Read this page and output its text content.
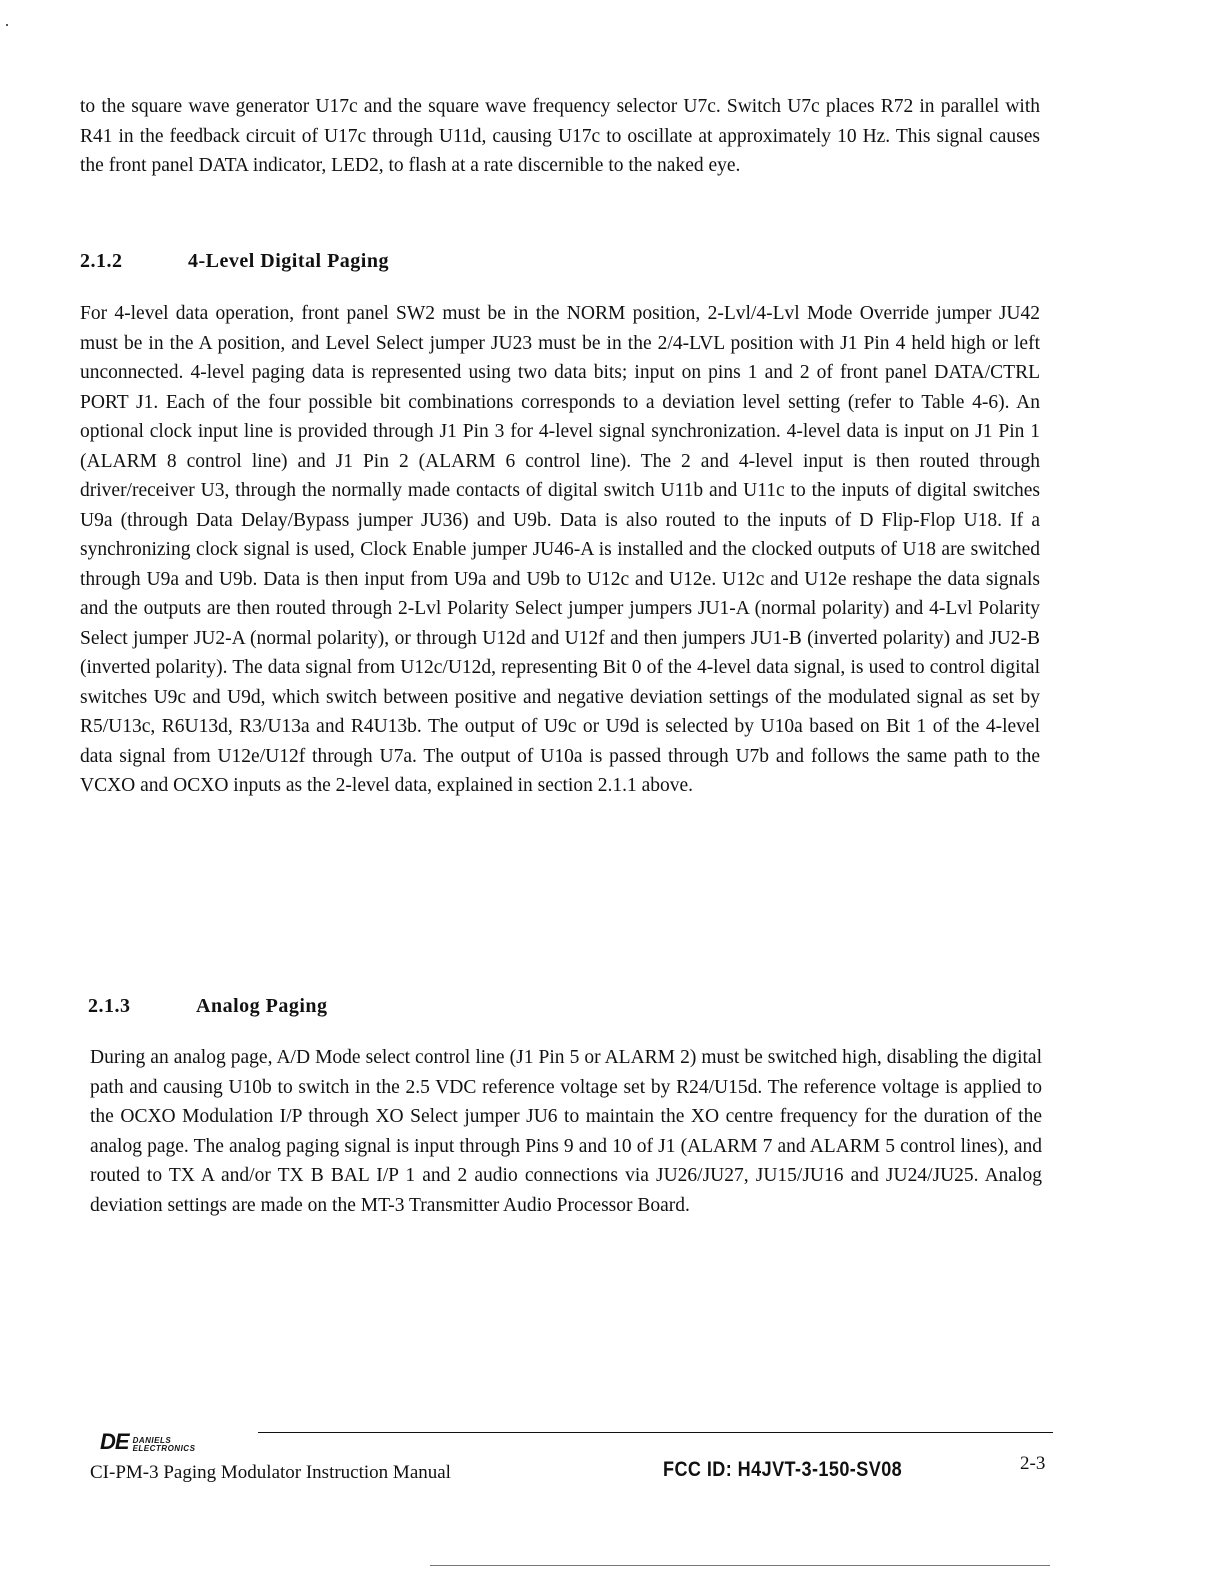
to the square wave generator U17c and the square wave frequency selector U7c. Switch U7c places R72 in parallel with R41 in the feedback circuit of U17c through U11d, causing U17c to oscillate at approximately 10 Hz. This signal causes the front panel DATA indicator, LED2, to flash at a rate discernible to the naked eye.

2.1.2	4-Level Digital Paging

For 4-level data operation, front panel SW2 must be in the NORM position, 2-Lvl/4-Lvl Mode Override jumper JU42 must be in the A position, and Level Select jumper JU23 must be in the 2/4-LVL position with J1 Pin 4 held high or left unconnected. 4-level paging data is represented using two data bits; input on pins 1 and 2 of front panel DATA/CTRL PORT J1. Each of the four possible bit combinations corresponds to a deviation level setting (refer to Table 4-6). An optional clock input line is provided through J1 Pin 3 for 4-level signal synchronization. 4-level data is input on J1 Pin 1 (ALARM 8 control line) and J1 Pin 2 (ALARM 6 control line). The 2 and 4-level input is then routed through driver/receiver U3, through the normally made contacts of digital switch U11b and U11c to the inputs of digital switches U9a (through Data Delay/Bypass jumper JU36) and U9b. Data is also routed to the inputs of D Flip-Flop U18. If a synchronizing clock signal is used, Clock Enable jumper JU46-A is installed and the clocked outputs of U18 are switched through U9a and U9b. Data is then input from U9a and U9b to U12c and U12e. U12c and U12e reshape the data signals and the outputs are then routed through 2-Lvl Polarity Select jumper jumpers JU1-A (normal polarity) and 4-Lvl Polarity Select jumper JU2-A (normal polarity), or through U12d and U12f and then jumpers JU1-B (inverted polarity) and JU2-B (inverted polarity). The data signal from U12c/U12d, representing Bit 0 of the 4-level data signal, is used to control digital switches U9c and U9d, which switch between positive and negative deviation settings of the modulated signal as set by R5/U13c, R6U13d, R3/U13a and R4U13b. The output of U9c or U9d is selected by U10a based on Bit 1 of the 4-level data signal from U12e/U12f through U7a. The output of U10a is passed through U7b and follows the same path to the VCXO and OCXO inputs as the 2-level data, explained in section 2.1.1 above.

2.1.3	Analog Paging

During an analog page, A/D Mode select control line (J1 Pin 5 or ALARM 2) must be switched high, disabling the digital path and causing U10b to switch in the 2.5 VDC reference voltage set by R24/U15d. The reference voltage is applied to the OCXO Modulation I/P through XO Select jumper JU6 to maintain the XO centre frequency for the duration of the analog page. The analog paging signal is input through Pins 9 and 10 of J1 (ALARM 7 and ALARM 5 control lines), and routed to TX A and/or TX B BAL I/P 1 and 2 audio connections via JU26/JU27, JU15/JU16 and JU24/JU25. Analog deviation settings are made on the MT-3 Transmitter Audio Processor Board.

DE DANIELS
ELECTRONICS
CI-PM-3 Paging Modulator Instruction Manual	FCC ID: H4JVT-3-150-SV08	2-3
